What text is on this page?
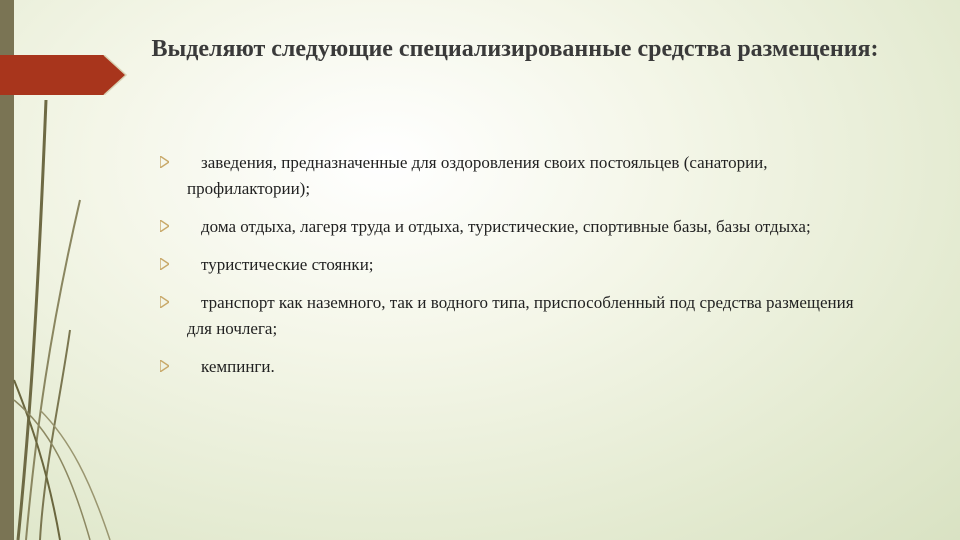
Выделяют следующие специализированные средства размещения:
заведения, предназначенные для оздоровления своих постояльцев (санатории, профилактории);
дома отдыха, лагеря труда и отдыха, туристические, спортивные базы, базы отдыха;
туристические стоянки;
транспорт как наземного, так и водного типа, приспособленный под средства размещения для ночлега;
кемпинги.
